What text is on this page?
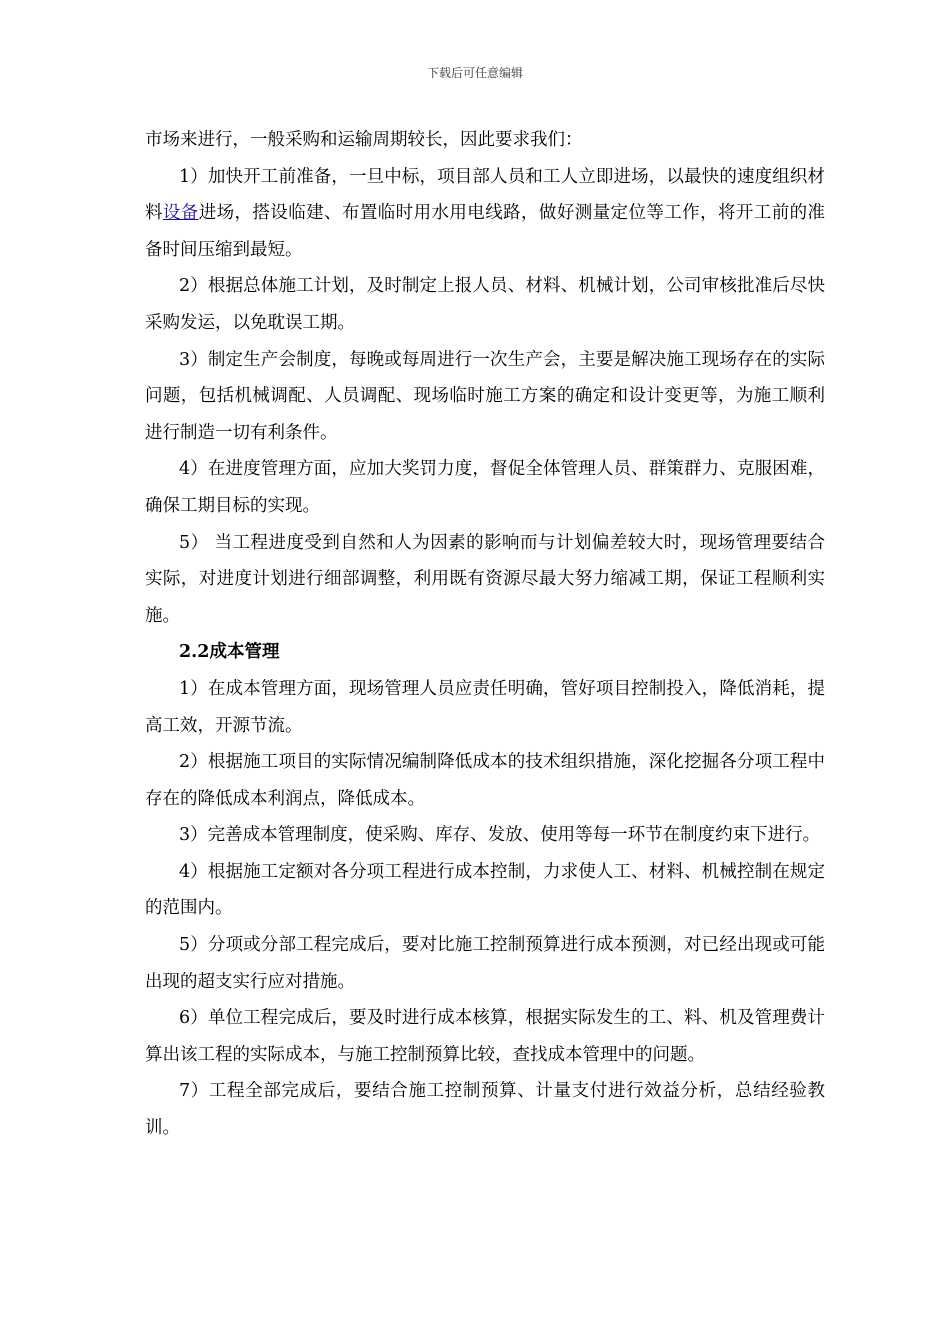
下载后可任意编辑

市场来进行，一般采购和运输周期较长，因此要求我们：

1）加快开工前准备，一旦中标，项目部人员和工人立即进场，以最快的速度组织材料设备进场，搭设临建、布置临时用水用电线路，做好测量定位等工作，将开工前的准备时间压缩到最短。

2）根据总体施工计划，及时制定上报人员、材料、机械计划，公司审核批准后尽快采购发运，以免耽误工期。

3）制定生产会制度，每晚或每周进行一次生产会，主要是解决施工现场存在的实际问题，包括机械调配、人员调配、现场临时施工方案的确定和设计变更等，为施工顺利进行制造一切有利条件。

4）在进度管理方面，应加大奖罚力度，督促全体管理人员、群策群力、克服困难，确保工期目标的实现。

5） 当工程进度受到自然和人为因素的影响而与计划偏差较大时，现场管理要结合实际，对进度计划进行细部调整，利用既有资源尽最大努力缩减工期，保证工程顺利实施。

2.2成本管理

1）在成本管理方面，现场管理人员应责任明确，管好项目控制投入，降低消耗，提高工效，开源节流。

2）根据施工项目的实际情况编制降低成本的技术组织措施，深化挖掘各分项工程中存在的降低成本利润点，降低成本。

3）完善成本管理制度，使采购、库存、发放、使用等每一环节在制度约束下进行。

4）根据施工定额对各分项工程进行成本控制，力求使人工、材料、机械控制在规定的范围内。

5）分项或分部工程完成后，要对比施工控制预算进行成本预测，对已经出现或可能出现的超支实行应对措施。

6）单位工程完成后，要及时进行成本核算，根据实际发生的工、料、机及管理费计算出该工程的实际成本，与施工控制预算比较，查找成本管理中的问题。

7）工程全部完成后，要结合施工控制预算、计量支付进行效益分析，总结经验教训。
